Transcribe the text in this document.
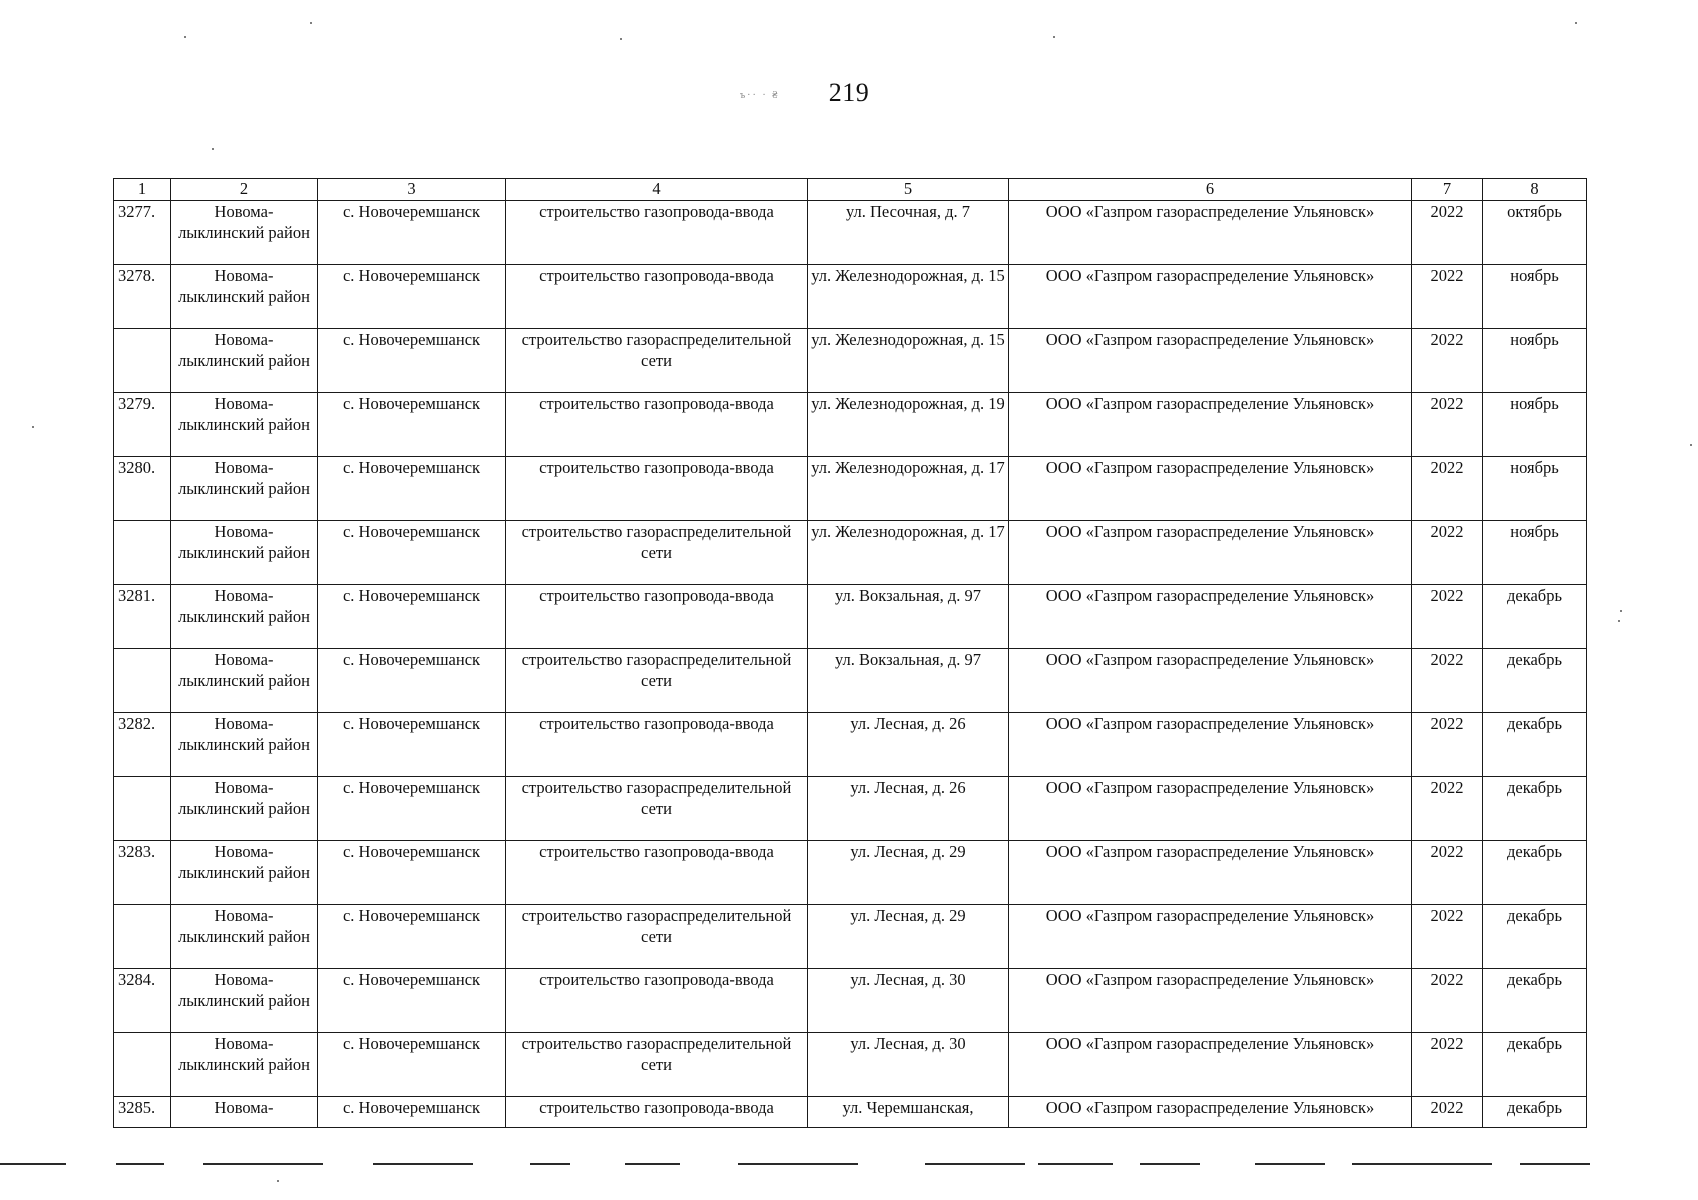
ъ·· · ₴ 219
1	2	3	4	5	6	7	8
3277.	Новома-лыклинский район	с. Новочеремшанск	строительство газопровода-ввода	ул. Песочная, д. 7	ООО «Газпром газораспределение Ульяновск»	2022	октябрь
3278.	Новома-лыклинский район	с. Новочеремшанск	строительство газопровода-ввода	ул. Железнодорожная, д. 15	ООО «Газпром газораспределение Ульяновск»	2022	ноябрь
	Новома-лыклинский район	с. Новочеремшанск	строительство газораспределительной сети	ул. Железнодорожная, д. 15	ООО «Газпром газораспределение Ульяновск»	2022	ноябрь
3279.	Новома-лыклинский район	с. Новочеремшанск	строительство газопровода-ввода	ул. Железнодорожная, д. 19	ООО «Газпром газораспределение Ульяновск»	2022	ноябрь
3280.	Новома-лыклинский район	с. Новочеремшанск	строительство газопровода-ввода	ул. Железнодорожная, д. 17	ООО «Газпром газораспределение Ульяновск»	2022	ноябрь
	Новома-лыклинский район	с. Новочеремшанск	строительство газораспределительной сети	ул. Железнодорожная, д. 17	ООО «Газпром газораспределение Ульяновск»	2022	ноябрь
3281.	Новома-лыклинский район	с. Новочеремшанск	строительство газопровода-ввода	ул. Вокзальная, д. 97	ООО «Газпром газораспределение Ульяновск»	2022	декабрь
	Новома-лыклинский район	с. Новочеремшанск	строительство газораспределительной сети	ул. Вокзальная, д. 97	ООО «Газпром газораспределение Ульяновск»	2022	декабрь
3282.	Новома-лыклинский район	с. Новочеремшанск	строительство газопровода-ввода	ул. Лесная, д. 26	ООО «Газпром газораспределение Ульяновск»	2022	декабрь
	Новома-лыклинский район	с. Новочеремшанск	строительство газораспределительной сети	ул. Лесная, д. 26	ООО «Газпром газораспределение Ульяновск»	2022	декабрь
3283.	Новома-лыклинский район	с. Новочеремшанск	строительство газопровода-ввода	ул. Лесная, д. 29	ООО «Газпром газораспределение Ульяновск»	2022	декабрь
	Новома-лыклинский район	с. Новочеремшанск	строительство газораспределительной сети	ул. Лесная, д. 29	ООО «Газпром газораспределение Ульяновск»	2022	декабрь
3284.	Новома-лыклинский район	с. Новочеремшанск	строительство газопровода-ввода	ул. Лесная, д. 30	ООО «Газпром газораспределение Ульяновск»	2022	декабрь
	Новома-лыклинский район	с. Новочеремшанск	строительство газораспределительной сети	ул. Лесная, д. 30	ООО «Газпром газораспределение Ульяновск»	2022	декабрь
3285.	Новома-	с. Новочеремшанск	строительство газопровода-ввода	ул. Черемшанская,	ООО «Газпром газораспределение Ульяновск»	2022	декабрь
